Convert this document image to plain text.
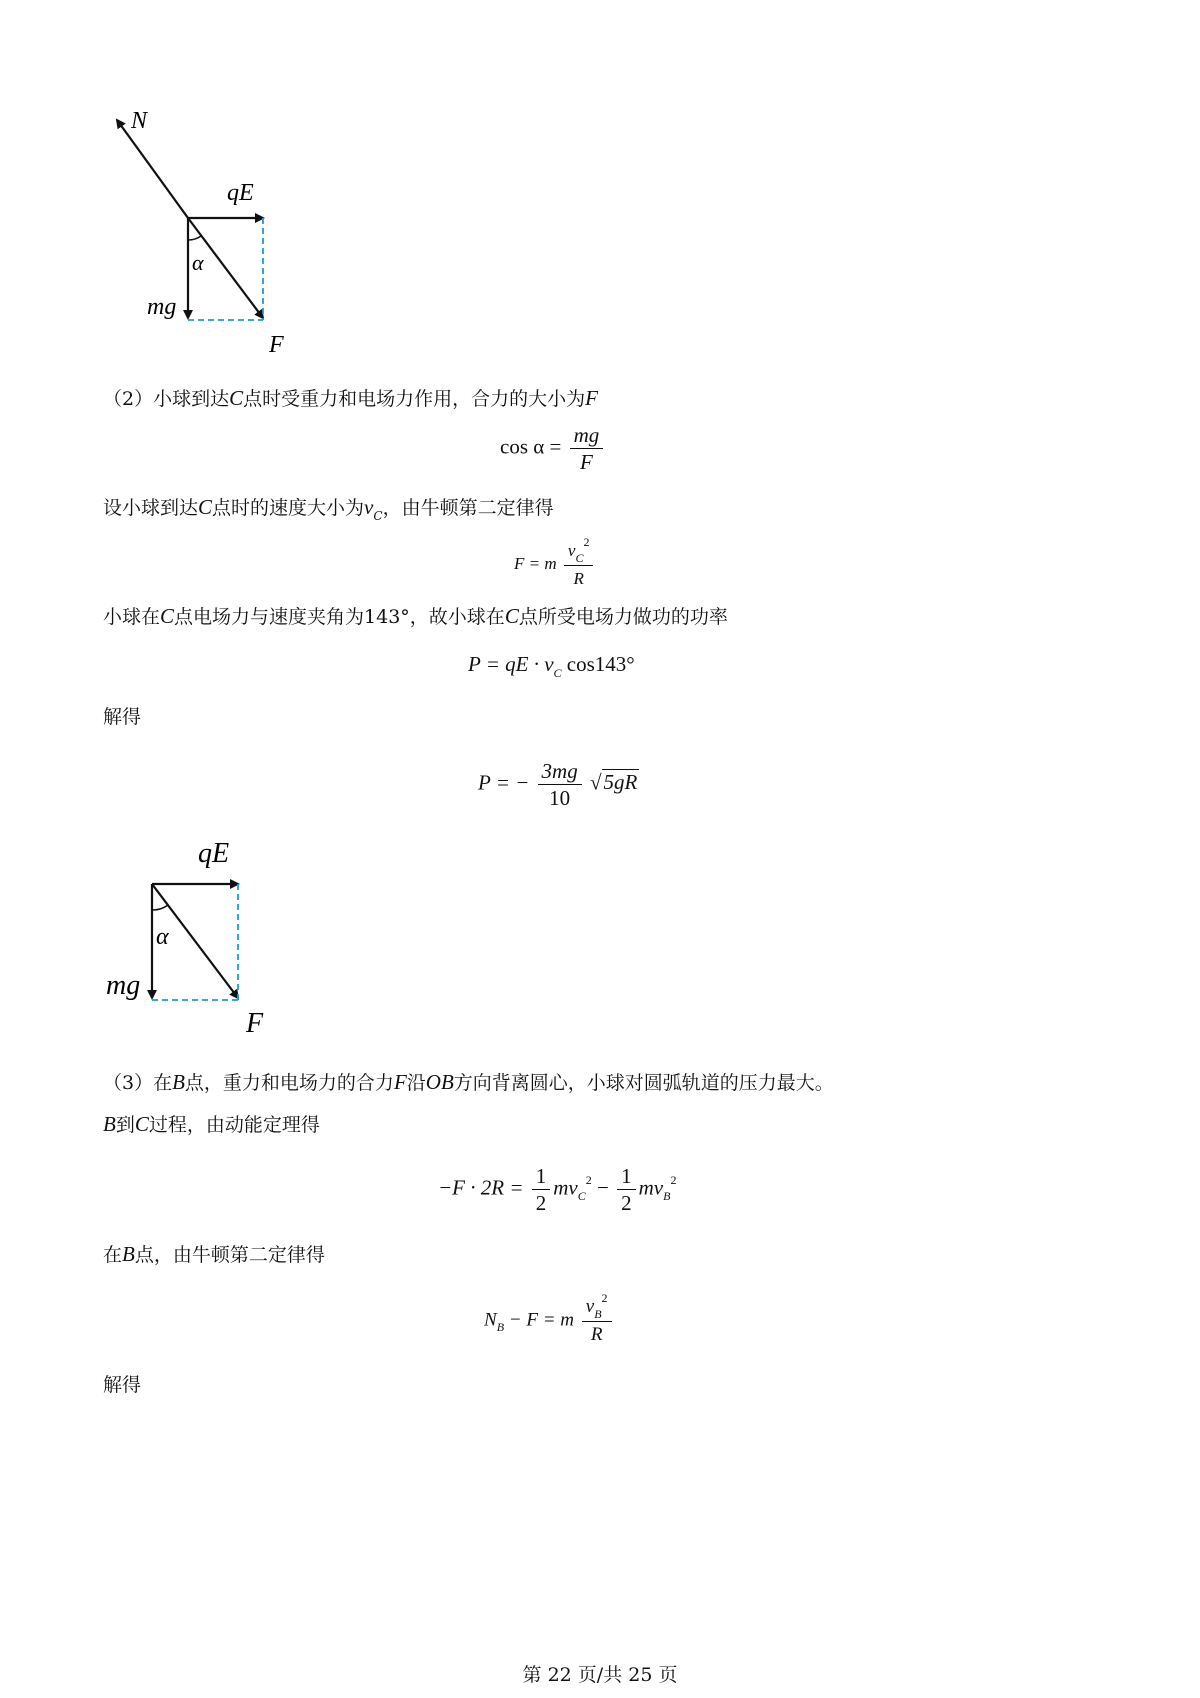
N
qE
α
mg
F
（2）小球到达C点时受重力和电场力作用，合力的大小为F
$\cos \alpha = \frac{mg}{F}$
设小球到达C点时的速度大小为$v_C$，由牛顿第二定律得
F = m $\frac{v_C^2}{R}$
小球在C点电场力与速度夹角为143°，故小球在C点所受电场力做功的功率
P = qE · $v_C$ cos143°
解得
P = − $\frac{3mg}{10} √5gR$
qE
α
mg
F
（3）在B点，重力和电场力的合力F沿OB方向背离圆心，小球对圆弧轨道的压力最大。
B到C过程，由动能定理得
$-F \cdot 2R = \frac{1}{2} mv_C^2 - \frac{1}{2} mv_B^2$
在B点，由牛顿第二定律得
$N_B - F = m \frac{v_B^2}{R}$
解得
第 22 页/共 25 页
